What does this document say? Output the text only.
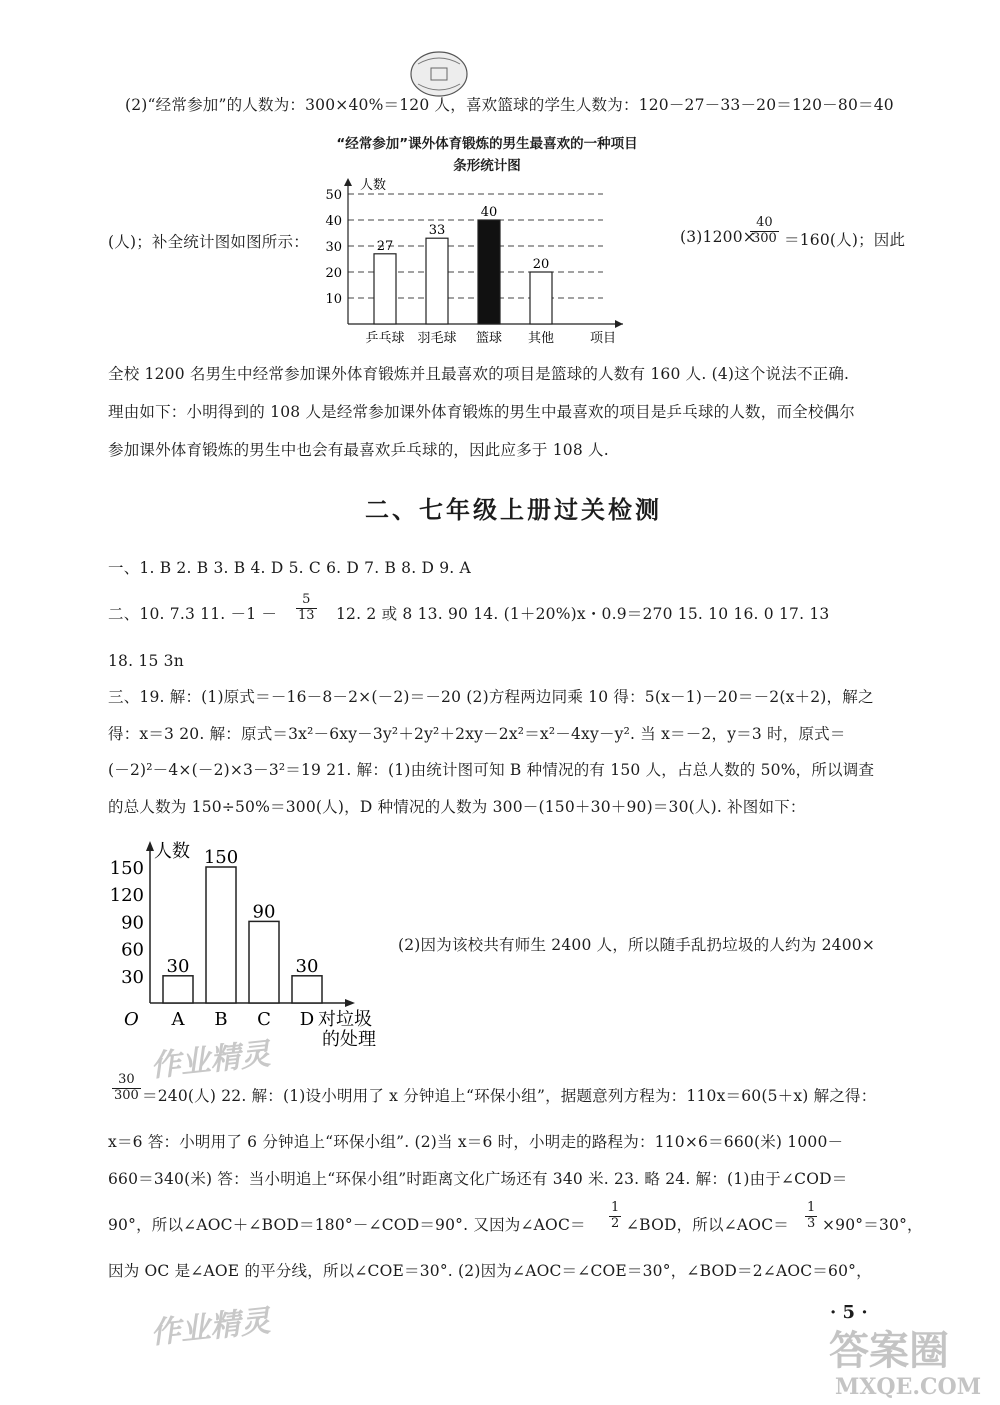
(2)“经常参加”的人数为：300×40%＝120 人，喜欢篮球的学生人数为：120－27－33－20＝120－80＝40
“经常参加”课外体育锻炼的男生最喜欢的一种项目
条形统计图
10
20
30
40
50
人数
项目
27
乒乓球
33
羽毛球
40
篮球
20
其他
(人)；补全统计图如图所示：	(3)1200×
$\frac{40}{300} =160$(人)；因此
全校 1200 名男生中经常参加课外体育锻炼并且最喜欢的项目是篮球的人数有 160 人. (4)这个说法不正确.
理由如下：小明得到的 108 人是经常参加课外体育锻炼的男生中最喜欢的项目是乒乓球的人数，而全校偶尔
参加课外体育锻炼的男生中也会有最喜欢乒乓球的，因此应多于 108 人.
二、七年级上册过关检测
一、1. B 2. B 3. B 4. D 5. C 6. D 7. B 8. D 9. A
二、10. 7.3 11. $-1 - \frac{5}{13} 12$. 2 或 8 13. 90 14. (1＋20%)x・0.9＝270 15. 10 16. 0 17. 13
18. 15 3n
三、19. 解：(1)原式＝－16－8－2×(－2)＝－20 (2)方程两边同乘 10 得：5(x－1)－20＝－2(x＋2)，解之
得：x＝3 20. 解：原式＝3x²－6xy－3y²＋2y²＋2xy－2x²＝x²－4xy－y². 当 x＝－2，y＝3 时，原式＝
(－2)²－4×(－2)×3－3²＝19 21. 解：(1)由统计图可知 B 种情况的有 150 人，占总人数的 50%，所以调查
的总人数为 150÷50%＝300(人)，D 种情况的人数为 300－(150＋30＋90)＝30(人). 补图如下：
30
60
90
120
150
人数
O	对垃圾
的处理
30
A
150
B
90
C
30
D
(2)因为该校共有师生 2400 人，所以随手乱扔垃圾的人约为 2400×
作业精灵
$\frac{30}{300} =240$(人) 22. 解：(1)设小明用了 x 分钟追上“环保小组”，据题意列方程为：110x＝60(5＋x) 解之得：
x＝6 答：小明用了 6 分钟追上“环保小组”. (2)当 x＝6 时，小明走的路程为：110×6＝660(米) 1000－
660＝340(米) 答：当小明追上“环保小组”时距离文化广场还有 340 米. 23. 略 24. 解：(1)由于∠COD＝
90°，所以∠AOC＋∠BOD＝180°－∠COD＝90°. 又因为∠AOC＝ $\frac{1}{2}$ ∠BOD，所以∠AOC＝ $\frac{1}{3} \times 90^\circ=30^\circ$，
因为 OC 是∠AOE 的平分线，所以∠COE＝30°. (2)因为∠AOC＝∠COE＝30°，∠BOD＝2∠AOC＝60°，
作业精灵	· 5 ·
答案圈
MXQE.COM
